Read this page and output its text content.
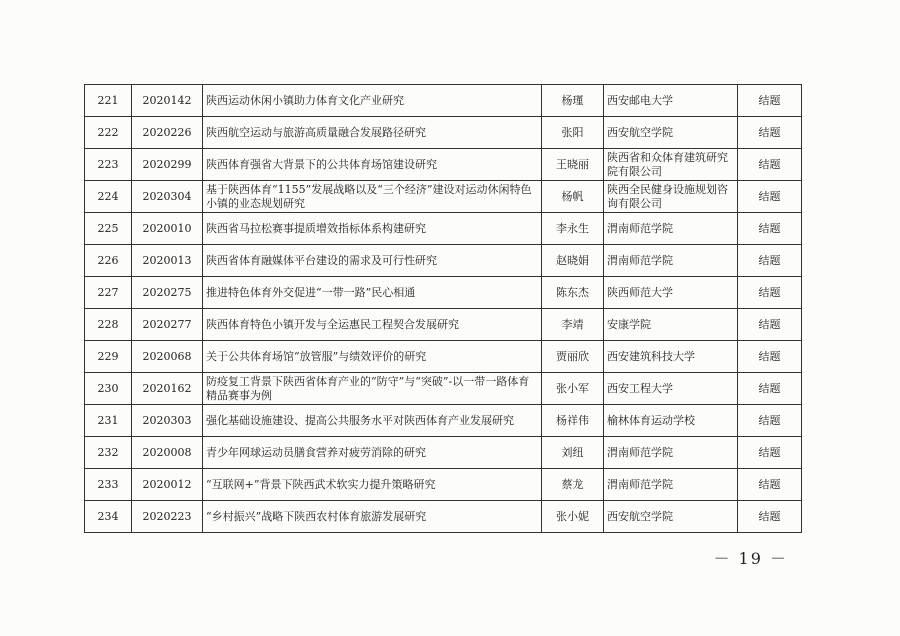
221	2020142	陕西运动休闲小镇助力体育文化产业研究	杨瑾	西安邮电大学	结题
222	2020226	陕西航空运动与旅游高质量融合发展路径研究	张阳	西安航空学院	结题
223	2020299	陕西体育强省大背景下的公共体育场馆建设研究	王晓丽	陕西省和众体育建筑研究院有限公司	结题
224	2020304	基于陕西体育“1155”发展战略以及“三个经济”建设对运动休闲特色小镇的业态规划研究	杨帆	陕西全民健身设施规划咨询有限公司	结题
225	2020010	陕西省马拉松赛事提质增效指标体系构建研究	李永生	渭南师范学院	结题
226	2020013	陕西省体育融媒体平台建设的需求及可行性研究	赵晓娟	渭南师范学院	结题
227	2020275	推进特色体育外交促进“一带一路”民心相通	陈东杰	陕西师范大学	结题
228	2020277	陕西体育特色小镇开发与全运惠民工程契合发展研究	李靖	安康学院	结题
229	2020068	关于公共体育场馆“放管服”与绩效评价的研究	贾丽欣	西安建筑科技大学	结题
230	2020162	防疫复工背景下陕西省体育产业的“防守”与“突破”-以一带一路体育精品赛事为例	张小军	西安工程大学	结题
231	2020303	强化基础设施建设、提高公共服务水平对陕西体育产业发展研究	杨祥伟	榆林体育运动学校	结题
232	2020008	青少年网球运动员膳食营养对疲劳消除的研究	刘纽	渭南师范学院	结题
233	2020012	“互联网+”背景下陕西武术软实力提升策略研究	蔡龙	渭南师范学院	结题
234	2020223	“乡村振兴”战略下陕西农村体育旅游发展研究	张小妮	西安航空学院	结题
－ 19 －
